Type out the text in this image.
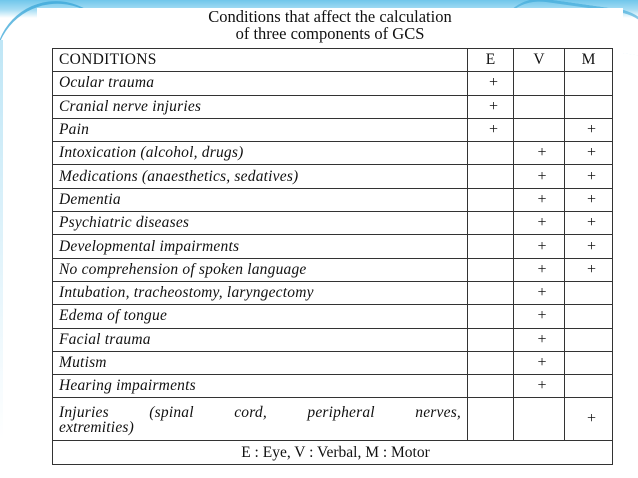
Conditions that affect the calculation
of three components of GCS
CONDITIONS	E	V	M
Ocular trauma	+		
Cranial nerve injuries	+		
Pain	+		+
Intoxication (alcohol, drugs)		+	+
Medications (anaesthetics, sedatives)		+	+
Dementia		+	+
Psychiatric diseases		+	+
Developmental impairments		+	+
No comprehension of spoken language		+	+
Intubation, tracheostomy, laryngectomy		+	
Edema of tongue		+	
Facial trauma		+	
Mutism		+	
Hearing impairments		+	

Injuries (spinal cord, peripheral nerves,
extremities)			+
E : Eye, V : Verbal, M : Motor			
